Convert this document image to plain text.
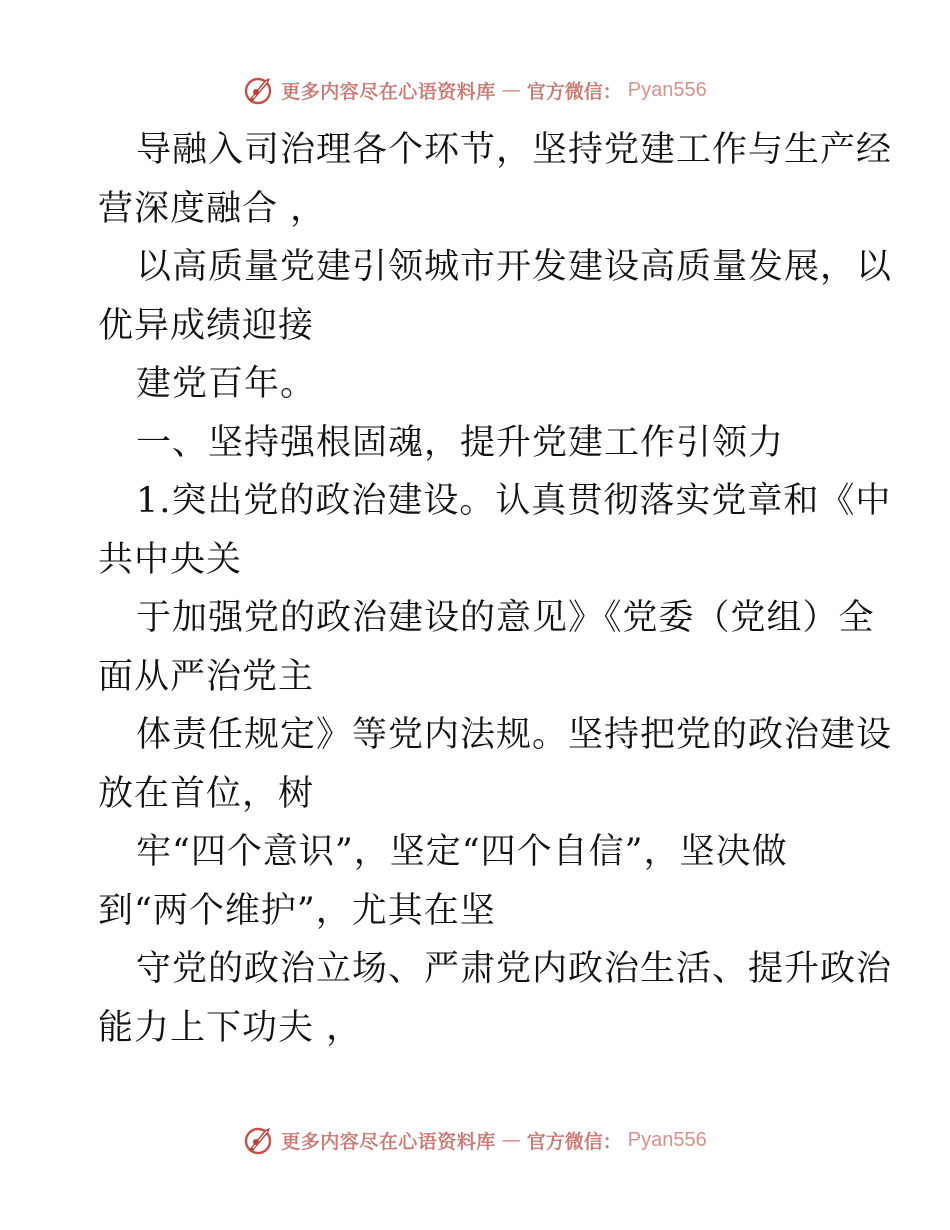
更多内容尽在心语资料库 — 官方微信： Pyan556
导融入司治理各个环节，坚持党建工作与生产经
营深度融合 ，
以高质量党建引领城市开发建设高质量发展，以
优异成绩迎接
建党百年。
一、坚持强根固魂，提升党建工作引领力
1.突出党的政治建设。认真贯彻落实党章和《中
共中央关
于加强党的政治建设的意见》《党委（党组）全
面从严治党主
体责任规定》等党内法规。坚持把党的政治建设
放在首位，树
牢“四个意识”，坚定“四个自信”，坚决做
到“两个维护”，尤其在坚
守党的政治立场、严肃党内政治生活、提升政治
能力上下功夫 ，
更多内容尽在心语资料库 — 官方微信： Pyan556
